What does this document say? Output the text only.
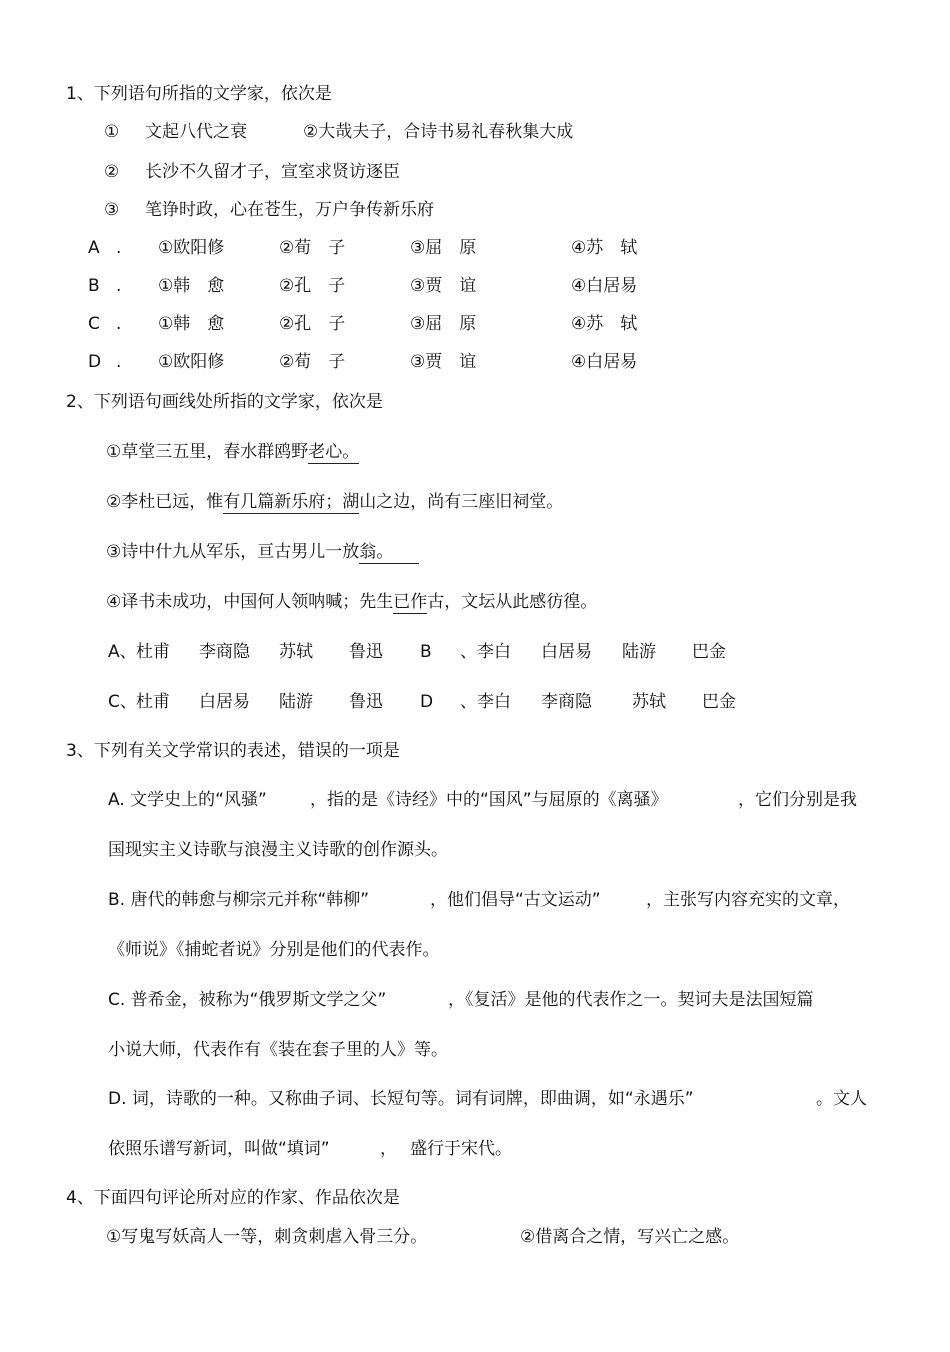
1、下列语句所指的文学家，依次是
① 文起八代之衰	②大哉夫子，合诗书易礼春秋集大成
② 长沙不久留才子，宣室求贤访逐臣
③ 笔诤时政，心在苍生，万户争传新乐府
A . ①欧阳修	②荀　子	③屈　原	④苏　轼
B . ①韩　愈	②孔　子	③贾　谊	④白居易
C . ①韩　愈	②孔　子	③屈　原	④苏　轼
D . ①欧阳修	②荀　子	③贾　谊	④白居易
2、下列语句画线处所指的文学家，依次是
①草堂三五里，春水群鸥野老心。
②李杜已远，惟有几篇新乐府；湖山之边，尚有三座旧祠堂。
③诗中什九从军乐，亘古男儿一放翁。　　
④译书未成功，中国何人领呐喊；先生已作古，文坛从此感彷徨。
A、 杜甫 李商隐 苏轼 鲁迅 B 、李白 白居易 陆游 巴金
C、 杜甫 白居易 陆游 鲁迅 D 、李白 李商隐 苏轼 巴金
3、下列有关文学常识的表述，错误的一项是
A. 文学史上的“风骚”	，指的是《诗经》中的“国风”与屈原的《离骚》	，它们分别是我
国现实主义诗歌与浪漫主义诗歌的创作源头。
B. 唐代的韩愈与柳宗元并称“韩柳”	，他们倡导“古文运动”	，主张写内容充实的文章，
《师说》《捕蛇者说》分别是他们的代表作。
C. 普希金，被称为“俄罗斯文学之父”	，《复活》是他的代表作之一。契诃夫是法国短篇
小说大师，代表作有《装在套子里的人》等。
D. 词，诗歌的一种。又称曲子词、长短句等。词有词牌，即曲调，如“永遇乐”	。文人
依照乐谱写新词，叫做“填词”	， 盛行于宋代。
4、下面四句评论所对应的作家、作品依次是
①写鬼写妖高人一等，刺贪刺虐入骨三分。	②借离合之情，写兴亡之感。
